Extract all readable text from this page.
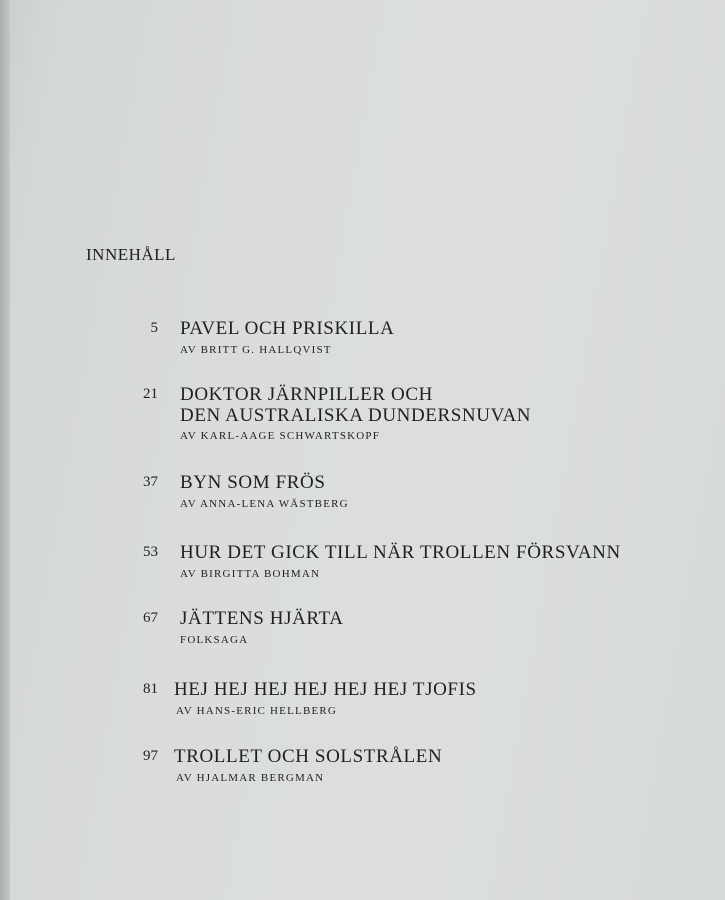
INNEHÅLL
5 PAVEL OCH PRISKILLA
AV BRITT G. HALLQVIST
21 DOKTOR JÄRNPILLER OCH
DEN AUSTRALISKA DUNDERSNUVAN
AV KARL-AAGE SCHWARTSKOPF
37 BYN SOM FRÖS
AV ANNA-LENA WÄSTBERG
53 HUR DET GICK TILL NÄR TROLLEN FÖRSVANN
AV BIRGITTA BOHMAN
67 JÄTTENS HJÄRTA
FOLKSAGA
81 HEJ HEJ HEJ HEJ HEJ HEJ TJOFIS
AV HANS-ERIC HELLBERG
97 TROLLET OCH SOLSTRÅLEN
AV HJALMAR BERGMAN
